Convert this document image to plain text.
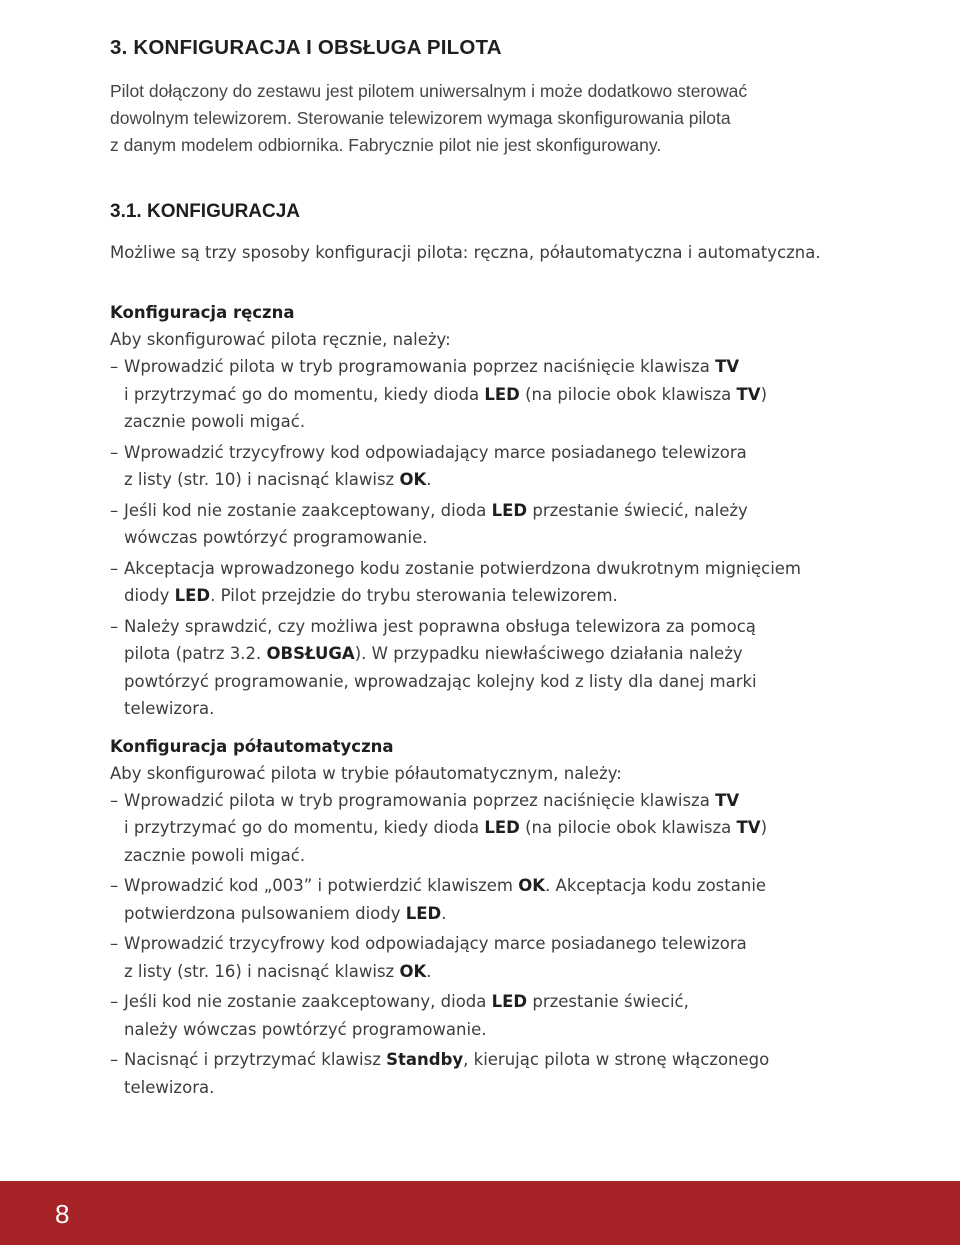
3. KONFIGURACJA I OBSŁUGA PILOTA

Pilot dołączony do zestawu jest pilotem uniwersalnym i może dodatkowo sterować

dowolnym telewizorem. Sterowanie telewizorem wymaga skonfigurowania pilota

z danym modelem odbiornika. Fabrycznie pilot nie jest skonfigurowany.

3.1. KONFIGURACJA
Możliwe są trzy sposoby konfiguracji pilota: ręczna, półautomatyczna i automatyczna.
Konfiguracja ręczna
Aby skonfigurować pilota ręcznie, należy:
– Wprowadzić pilota w tryb programowania poprzez naciśnięcie klawisza TV
i przytrzymać go do momentu, kiedy dioda LED (na pilocie obok klawisza TV)
zacznie powoli migać.
– Wprowadzić trzycyfrowy kod odpowiadający marce posiadanego telewizora
z listy (str. 10) i nacisnąć klawisz OK.
– Jeśli kod nie zostanie zaakceptowany, dioda LED przestanie świecić, należy
wówczas powtórzyć programowanie.
– Akceptacja wprowadzonego kodu zostanie potwierdzona dwukrotnym mignięciem
diody LED. Pilot przejdzie do trybu sterowania telewizorem.
– Należy sprawdzić, czy możliwa jest poprawna obsługa telewizora za pomocą
pilota (patrz 3.2. OBSŁUGA). W przypadku niewłaściwego działania należy
powtórzyć programowanie, wprowadzając kolejny kod z listy dla danej marki
telewizora.
Konfiguracja półautomatyczna
Aby skonfigurować pilota w trybie półautomatycznym, należy:
– Wprowadzić pilota w tryb programowania poprzez naciśnięcie klawisza TV
i przytrzymać go do momentu, kiedy dioda LED (na pilocie obok klawisza TV)
zacznie powoli migać.
– Wprowadzić kod „003” i potwierdzić klawiszem OK. Akceptacja kodu zostanie
potwierdzona pulsowaniem diody LED.
– Wprowadzić trzycyfrowy kod odpowiadający marce posiadanego telewizora
z listy (str. 16) i nacisnąć klawisz OK.
– Jeśli kod nie zostanie zaakceptowany, dioda LED przestanie świecić,
należy wówczas powtórzyć programowanie.
– Nacisnąć i przytrzymać klawisz Standby, kierując pilota w stronę włączonego
telewizora.
8
